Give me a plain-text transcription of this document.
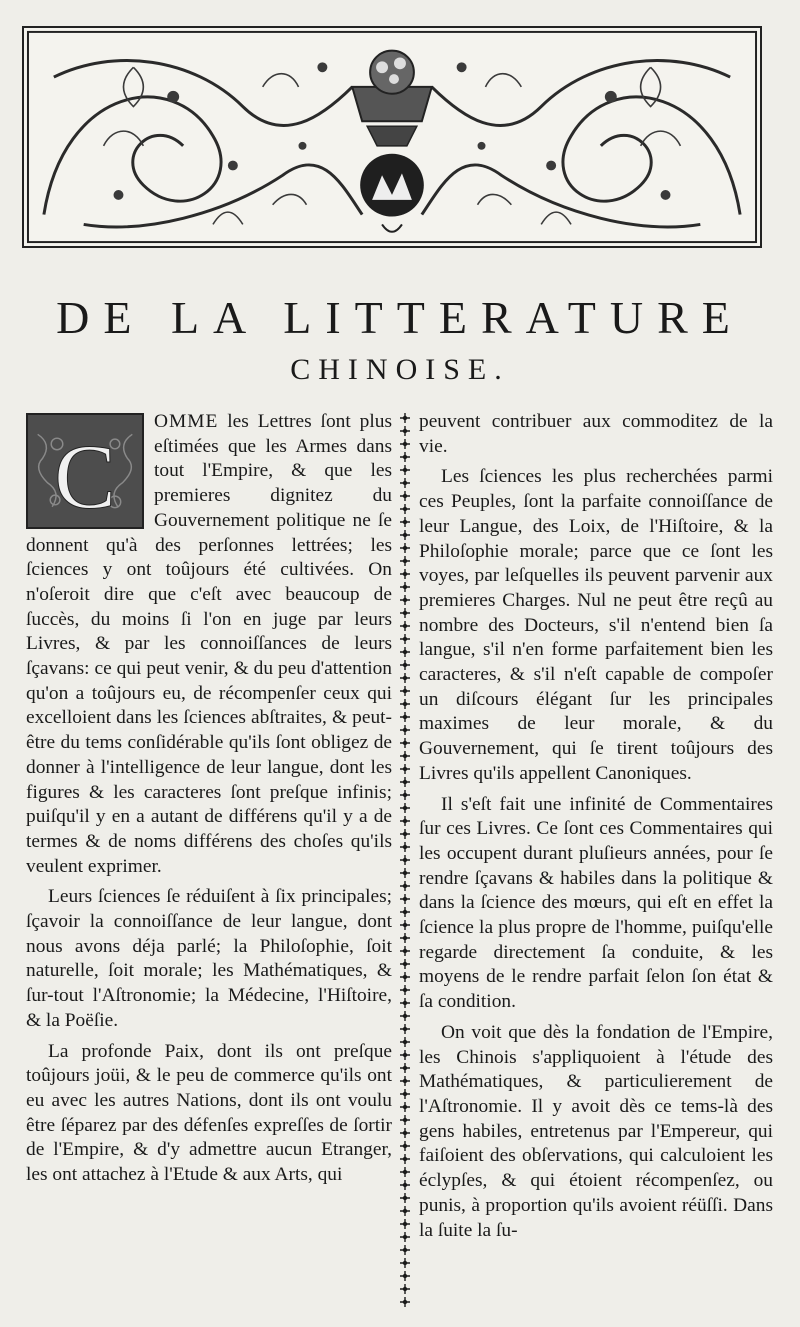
DE LA LITTERATURE
CHINOISE.

C
OMME les Lettres ſont plus eſtimées que les Armes dans tout l'Empire, & que les premieres dignitez du Gouvernement politique ne ſe donnent qu'à des perſonnes lettrées; les ſciences y ont toûjours été cultivées. On n'oſeroit dire que c'eſt avec beaucoup de ſuccès, du moins ſi l'on en juge par leurs Livres, & par les connoiſſances de leurs ſçavans: ce qui peut venir, & du peu d'attention qu'on a toûjours eu, de récompenſer ceux qui excelloient dans les ſciences abſtraites, & peut-être du tems conſidérable qu'ils ſont obligez de donner à l'intelligence de leur langue, dont les figures & les caracteres ſont preſque infinis; puiſqu'il y en a autant de différens qu'il y a de termes & de noms différens des choſes qu'ils veulent exprimer.

Leurs ſciences ſe réduiſent à ſix principales; ſçavoir la connoiſſance de leur langue, dont nous avons déja parlé; la Philoſophie, ſoit naturelle, ſoit morale; les Mathématiques, & ſur-tout l'Aſtronomie; la Médecine, l'Hiſtoire, & la Poëſie.

La profonde Paix, dont ils ont preſque toûjours joüi, & le peu de commerce qu'ils ont eu avec les autres Nations, dont ils ont voulu être ſéparez par des défenſes expreſſes de ſortir de l'Empire, & d'y admettre aucun Etranger, les ont attachez à l'Etude & aux Arts, qui

peuvent contribuer aux commoditez de la vie.

Les ſciences les plus recherchées parmi ces Peuples, ſont la parfaite connoiſſance de leur Langue, des Loix, de l'Hiſtoire, & la Philoſophie morale; parce que ce ſont les voyes, par leſquelles ils peuvent parvenir aux premieres Charges. Nul ne peut être reçû au nombre des Docteurs, s'il n'entend bien ſa langue, s'il n'en forme parfaitement bien les caracteres, & s'il n'eſt capable de compoſer un diſcours élégant ſur les principales maximes de leur morale, & du Gouvernement, qui ſe tirent toûjours des Livres qu'ils appellent Canoniques.

Il s'eſt fait une infinité de Commentaires ſur ces Livres. Ce ſont ces Commentaires qui les occupent durant pluſieurs années, pour ſe rendre ſçavans & habiles dans la politique & dans la ſcience des mœurs, qui eſt en effet la ſcience la plus propre de l'homme, puiſqu'elle regarde directement ſa conduite, & les moyens de le rendre parfait ſelon ſon état & ſa condition.

On voit que dès la fondation de l'Empire, les Chinois s'appliquoient à l'étude des Mathématiques, & particulierement de l'Aſtronomie. Il y avoit dès ce tems-là des gens habiles, entretenus par l'Empereur, qui faiſoient des obſervations, qui calculoient les éclypſes, & qui étoient récompenſez, ou punis, à proportion qu'ils avoient réüſſi. Dans la ſuite la ſu-
